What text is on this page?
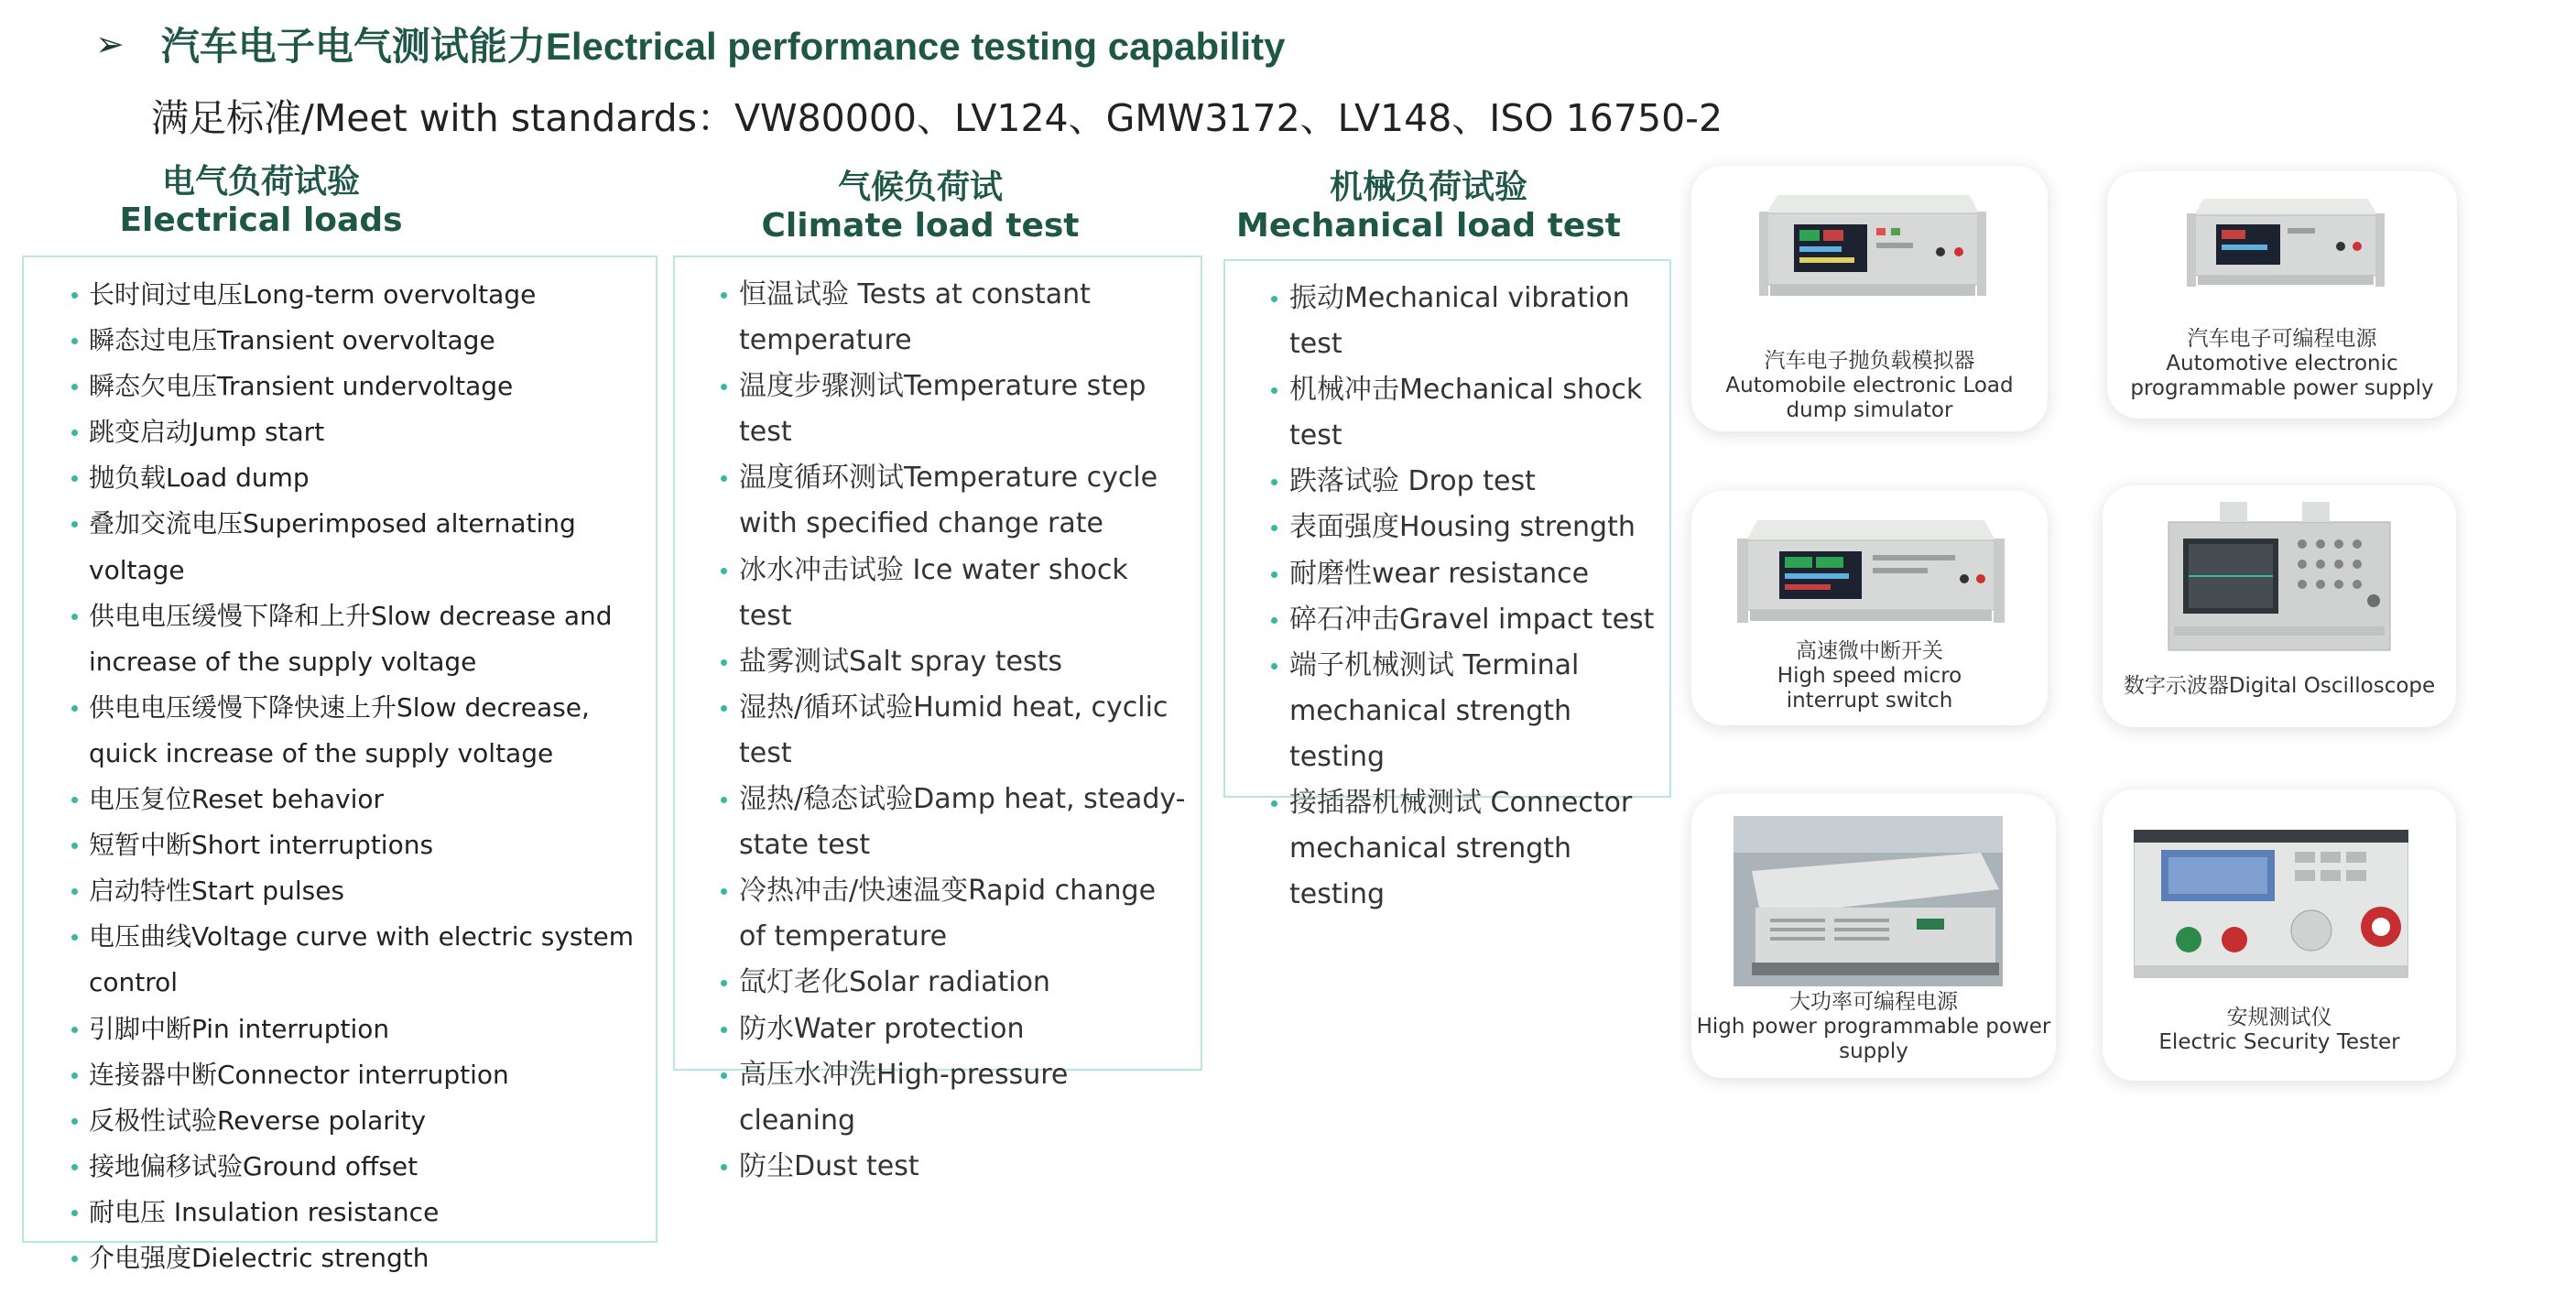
➢ 汽车电子电气测试能力Electrical performance testing capability
满足标准/Meet with standards：VW80000、LV124、GMW3172、LV148、ISO 16750-2
电气负荷试验
Electrical loads
气候负荷试
Climate load test
机械负荷试验
Mechanical load test
长时间过电压Long-term overvoltage
瞬态过电压Transient overvoltage
瞬态欠电压Transient undervoltage
跳变启动Jump start
抛负载Load dump
叠加交流电压Superimposed alternating voltage
供电电压缓慢下降和上升Slow decrease and increase of the supply voltage
供电电压缓慢下降快速上升Slow decrease, quick increase of the supply voltage
电压复位Reset behavior
短暂中断Short interruptions
启动特性Start pulses
电压曲线Voltage curve with electric system control
引脚中断Pin interruption
连接器中断Connector interruption
反极性试验Reverse polarity
接地偏移试验Ground offset
耐电压 Insulation resistance
介电强度Dielectric strength
恒温试验 Tests at constant temperature
温度步骤测试Temperature step test
温度循环测试Temperature cycle with specified change rate
冰水冲击试验 Ice water shock test
盐雾测试Salt spray tests
湿热/循环试验Humid heat, cyclic test
湿热/稳态试验Damp heat, steady-state test
冷热冲击/快速温变Rapid change of temperature
氙灯老化Solar radiation
防水Water protection
高压水冲洗High-pressure cleaning
防尘Dust test
振动Mechanical vibration test
机械冲击Mechanical shock test
跌落试验 Drop test
表面强度Housing strength
耐磨性wear resistance
碎石冲击Gravel impact test
端子机械测试 Terminal mechanical strength testing
接插器机械测试 Connector mechanical strength testing
汽车电子抛负载模拟器
Automobile electronic Load
dump simulator
汽车电子可编程电源
Automotive electronic
programmable power supply
高速微中断开关
High speed micro
interrupt switch
数字示波器Digital Oscilloscope
大功率可编程电源
High power programmable power
supply
安规测试仪
Electric Security Tester
